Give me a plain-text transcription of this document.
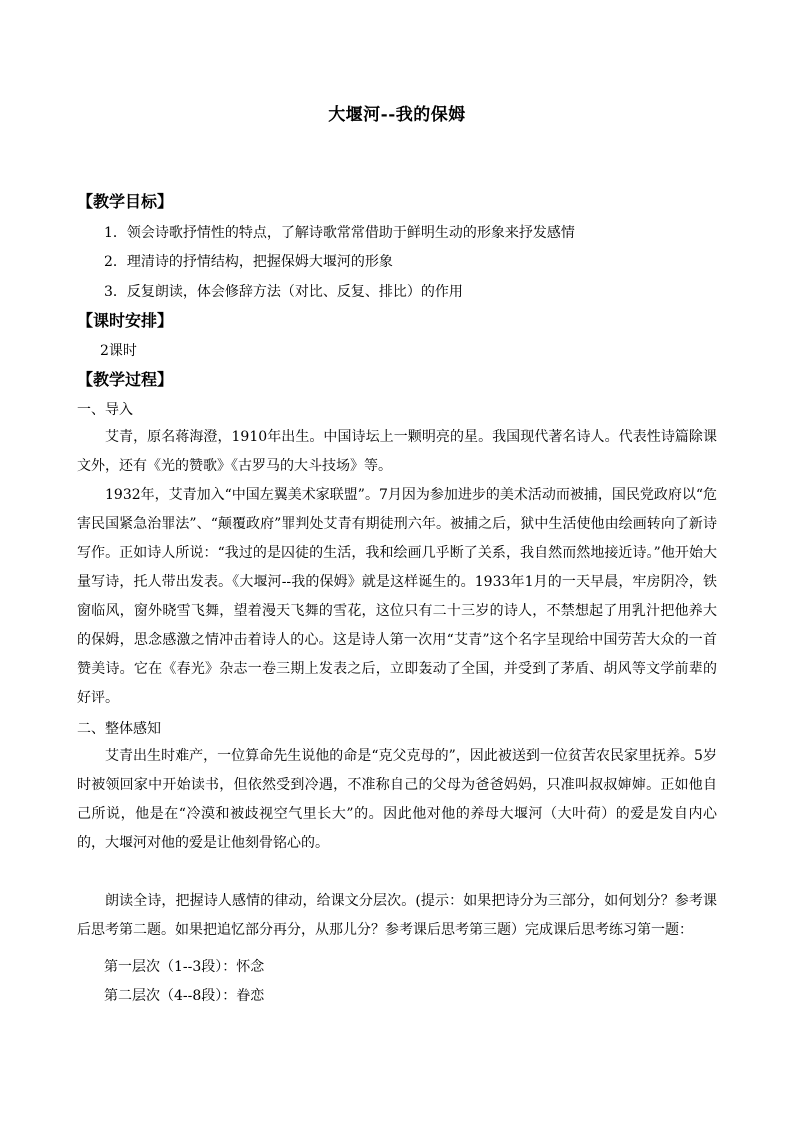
大堰河--我的保姆
【教学目标】
1．领会诗歌抒情性的特点，了解诗歌常常借助于鲜明生动的形象来抒发感情
2．理清诗的抒情结构，把握保姆大堰河的形象
3．反复朗读，体会修辞方法（对比、反复、排比）的作用
【课时安排】
2课时
【教学过程】
一、导入
艾青，原名蒋海澄，1910年出生。中国诗坛上一颗明亮的星。我国现代著名诗人。代表性诗篇除课文外，还有《光的赞歌》《古罗马的大斗技场》等。
1932年，艾青加入“中国左翼美术家联盟”。7月因为参加进步的美术活动而被捕，国民党政府以“危害民国紧急治罪法”、“颠覆政府”罪判处艾青有期徒刑六年。被捕之后，狱中生活使他由绘画转向了新诗写作。正如诗人所说：“我过的是囚徒的生活，我和绘画几乎断了关系，我自然而然地接近诗。”他开始大量写诗，托人带出发表。《大堰河--我的保姆》就是这样诞生的。1933年1月的一天早晨，牢房阴冷，铁窗临风，窗外晓雪飞舞，望着漫天飞舞的雪花，这位只有二十三岁的诗人，不禁想起了用乳汁把他养大的保姆，思念感激之情冲击着诗人的心。这是诗人第一次用“艾青”这个名字呈现给中国劳苦大众的一首赞美诗。它在《春光》杂志一卷三期上发表之后，立即轰动了全国，并受到了茅盾、胡风等文学前辈的好评。
二、整体感知
艾青出生时难产，一位算命先生说他的命是“克父克母的”，因此被送到一位贫苦农民家里抚养。5岁时被领回家中开始读书，但依然受到冷遇，不准称自己的父母为爸爸妈妈，只准叫叔叔婶婶。正如他自己所说，他是在“冷漠和被歧视空气里长大”的。因此他对他的养母大堰河（大叶荷）的爱是发自内心的，大堰河对他的爱是让他刻骨铭心的。
朗读全诗，把握诗人感情的律动，给课文分层次。(提示：如果把诗分为三部分，如何划分？参考课后思考第二题。如果把追忆部分再分，从那儿分？参考课后思考第三题）完成课后思考练习第一题：
第一层次（1--3段）：怀念
第二层次（4--8段）：眷恋
